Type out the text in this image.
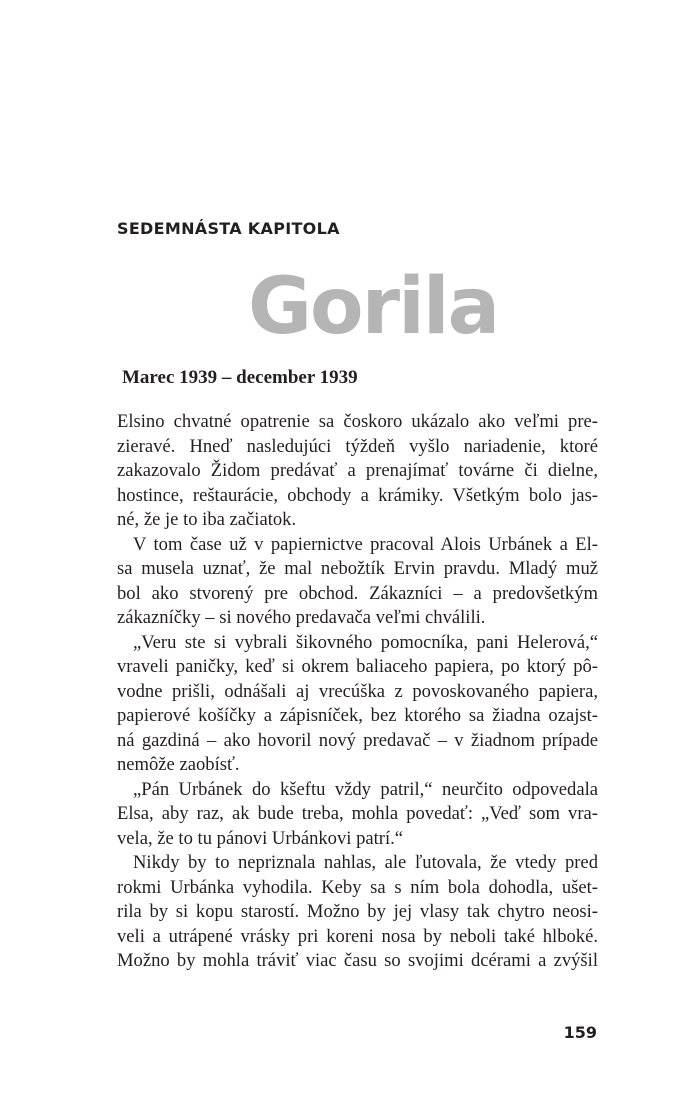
SEDEMNÁSTA KAPITOLA
Gorila
Marec 1939 – december 1939
Elsino chvatné opatrenie sa čoskoro ukázalo ako veľmi pre-
zieravé. Hneď nasledujúci týždeň vyšlo nariadenie, ktoré
zakazovalo Židom predávať a prenajímať továrne či dielne,
hostince, reštaurácie, obchody a krámiky. Všetkým bolo jas-
né, že je to iba začiatok.
V tom čase už v papiernictve pracoval Alois Urbánek a El-
sa musela uznať, že mal nebožtík Ervin pravdu. Mladý muž
bol ako stvorený pre obchod. Zákazníci – a predovšetkým
zákazníčky – si nového predavača veľmi chválili.
„Veru ste si vybrali šikovného pomocníka, pani Helerová,“
vraveli paničky, keď si okrem baliaceho papiera, po ktorý pô-
vodne prišli, odnášali aj vrecúška z povoskovaného papiera,
papierové košíčky a zápisníček, bez ktorého sa žiadna ozajst-
ná gazdiná – ako hovoril nový predavač – v žiadnom prípade
nemôže zaobísť.
„Pán Urbánek do kšeftu vždy patril,“ neurčito odpovedala
Elsa, aby raz, ak bude treba, mohla povedať: „Veď som vra-
vela, že to tu pánovi Urbánkovi patrí.“
Nikdy by to nepriznala nahlas, ale ľutovala, že vtedy pred
rokmi Urbánka vyhodila. Keby sa s ním bola dohodla, ušet-
rila by si kopu starostí. Možno by jej vlasy tak chytro neosi-
veli a utrápené vrásky pri koreni nosa by neboli také hlboké.
Možno by mohla tráviť viac času so svojimi dcérami a zvýšil
159
